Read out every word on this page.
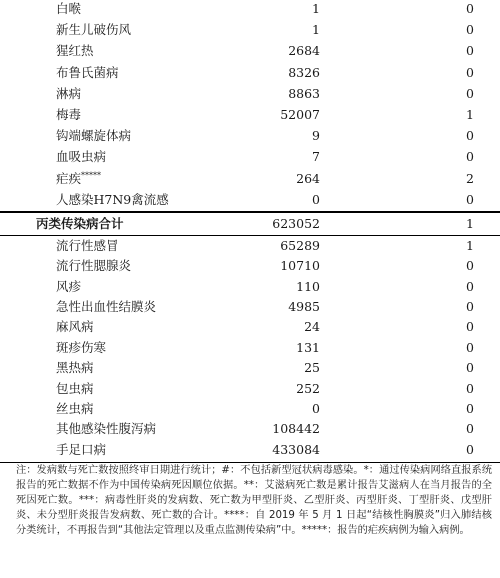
白喉	1	0
新生儿破伤风	1	0
猩红热	2684	0
布鲁氏菌病	8326	0
淋病	8863	0
梅毒	52007	1
钩端螺旋体病	9	0
血吸虫病	7	0
疟疾*****	264	2
人感染H7N9禽流感	0	0
丙类传染病合计	623052	1
流行性感冒	65289	1
流行性腮腺炎	10710	0
风疹	110	0
急性出血性结膜炎	4985	0
麻风病	24	0
斑疹伤寒	131	0
黑热病	25	0
包虫病	252	0
丝虫病	0	0
其他感染性腹泻病	108442	0
手足口病	433084	0
注：发病数与死亡数按照终审日期进行统计；#：不包括新型冠状病毒感染。*：通过传染病网络直报系统报告的死亡数据不作为中国传染病死因顺位依据。**：艾滋病死亡数是累计报告艾滋病人在当月报告的全死因死亡数。***：病毒性肝炎的发病数、死亡数为甲型肝炎、乙型肝炎、丙型肝炎、丁型肝炎、戊型肝炎、未分型肝炎报告发病数、死亡数的合计。****：自 2019 年 5 月 1 日起“结核性胸膜炎”归入肺结核分类统计，不再报告到“其他法定管理以及重点监测传染病”中。*****：报告的疟疾病例为输入病例。
